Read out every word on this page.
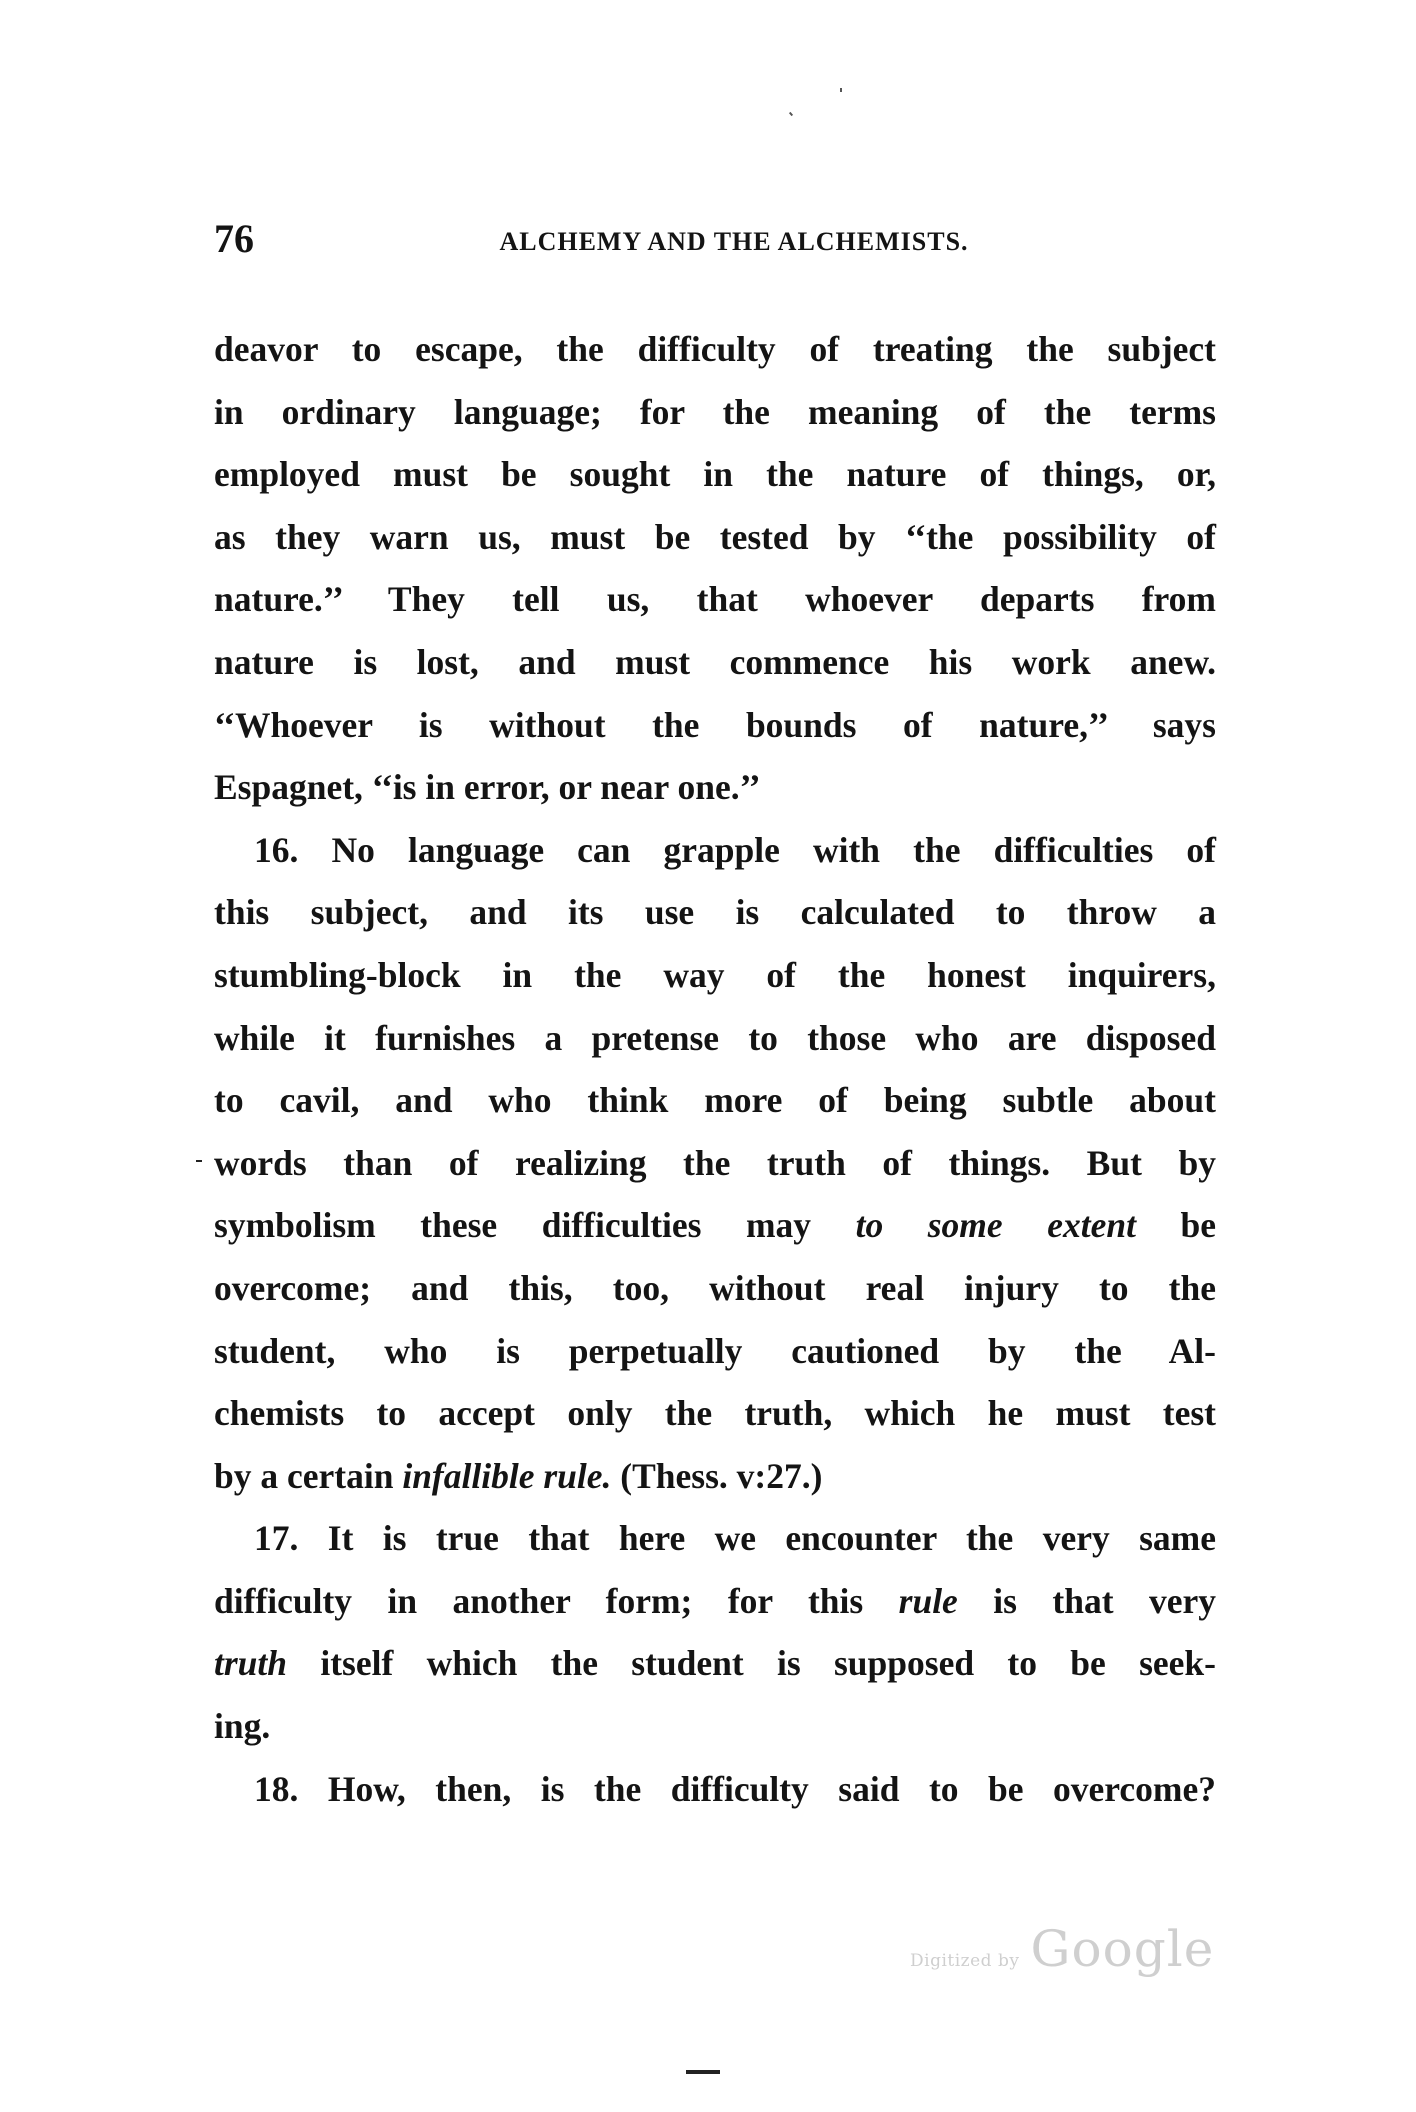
76	ALCHEMY AND THE ALCHEMISTS.
deavor to escape, the difficulty of treating the subject
in ordinary language; for the meaning of the terms
employed must be sought in the nature of things, or,
as they warn us, must be tested by ‘‘the possibility of
nature.’’ They tell us, that whoever departs from
nature is lost, and must commence his work anew.
‘‘Whoever is without the bounds of nature,’’ says
Espagnet, ‘‘is in error, or near one.’’
16. No language can grapple with the difficulties of
this subject, and its use is calculated to throw a
stumbling-block in the way of the honest inquirers,
while it furnishes a pretense to those who are disposed
to cavil, and who think more of being subtle about
words than of realizing the truth of things. But by
symbolism these difficulties may to some extent be
overcome; and this, too, without real injury to the
student, who is perpetually cautioned by the Al-
chemists to accept only the truth, which he must test
by a certain infallible rule. (Thess. v:27.)
17. It is true that here we encounter the very same
difficulty in another form; for this rule is that very
truth itself which the student is supposed to be seek-
ing.
18. How, then, is the difficulty said to be overcome?
Digitized by Google
